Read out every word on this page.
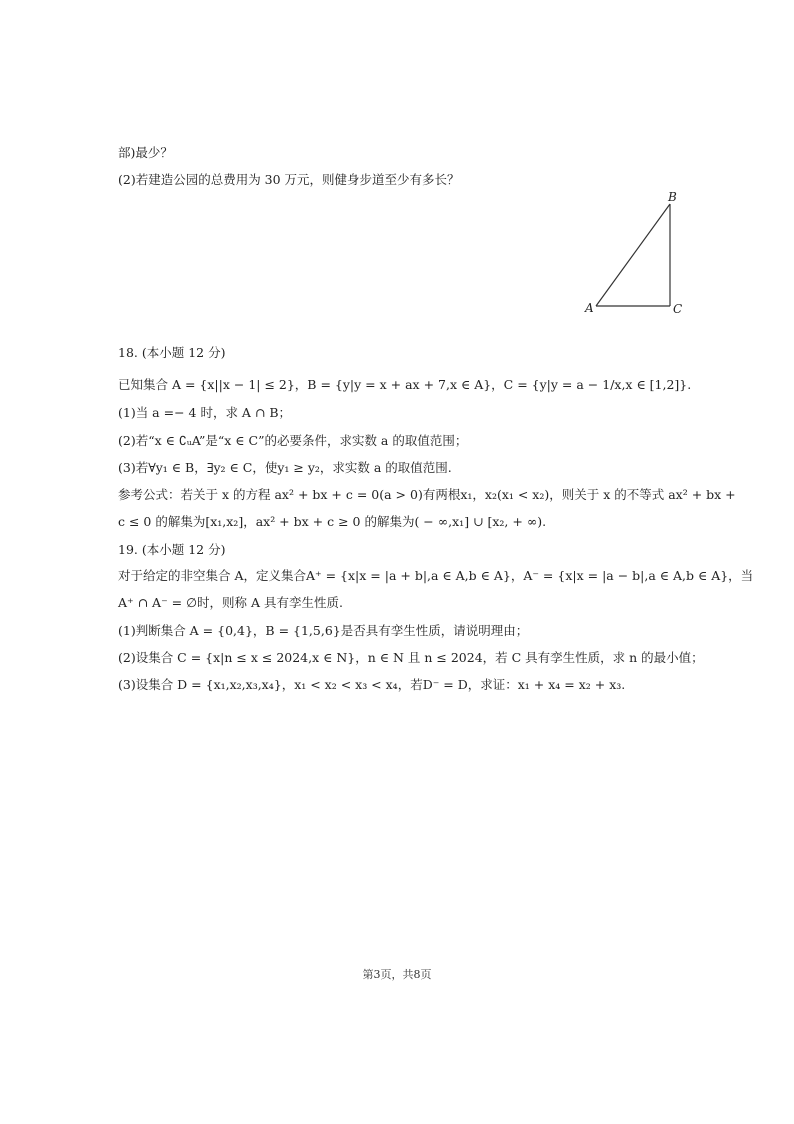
部)最少？
(2)若建造公园的总费用为 30 万元，则健身步道至少有多长？
A
B
C
18. (本小题 12 分)
已知集合 A = {x||x − 1| ≤ 2}，B = {y|y = x + ax + 7,x ∈ A}，C = {y|y = a − 1/x,x ∈ [1,2]}.
(1)当 a =− 4 时，求 A ∩ B；
(2)若“x ∈ ∁ᵤA”是“x ∈ C”的必要条件，求实数 a 的取值范围；
(3)若∀y₁ ∈ B，∃y₂ ∈ C，使y₁ ≥ y₂，求实数 a 的取值范围.
参考公式：若关于 x 的方程 ax² + bx + c = 0(a > 0)有两根x₁，x₂(x₁ < x₂)，则关于 x 的不等式 ax² + bx +
c ≤ 0 的解集为[x₁,x₂]，ax² + bx + c ≥ 0 的解集为( − ∞,x₁] ∪ [x₂, + ∞).
19. (本小题 12 分)
对于给定的非空集合 A，定义集合A⁺ = {x|x = |a + b|,a ∈ A,b ∈ A}，A⁻ = {x|x = |a − b|,a ∈ A,b ∈ A}，当
A⁺ ∩ A⁻ = ∅时，则称 A 具有孪生性质.
(1)判断集合 A = {0,4}，B = {1,5,6}是否具有孪生性质，请说明理由；
(2)设集合 C = {x|n ≤ x ≤ 2024,x ∈ N}，n ∈ N 且 n ≤ 2024，若 C 具有孪生性质，求 n 的最小值；
(3)设集合 D = {x₁,x₂,x₃,x₄}，x₁ < x₂ < x₃ < x₄，若D⁻ = D，求证：x₁ + x₄ = x₂ + x₃.
第3页，共8页
